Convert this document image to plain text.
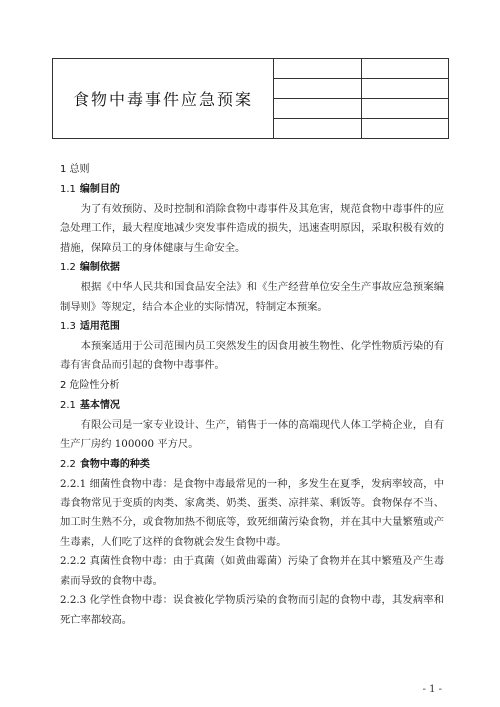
食物中毒事件应急预案		

1 总则

1.1 编制目的

为了有效预防、及时控制和消除食物中毒事件及其危害，规范食物中毒事件的应急处理工作，最大程度地减少突发事件造成的损失，迅速查明原因，采取积极有效的措施，保障员工的身体健康与生命安全。

1.2 编制依据

根据《中华人民共和国食品安全法》和《生产经营单位安全生产事故应急预案编制导则》等规定，结合本企业的实际情况，特制定本预案。

1.3 适用范围

本预案适用于公司范围内员工突然发生的因食用被生物性、化学性物质污染的有毒有害食品而引起的食物中毒事件。

2 危险性分析

2.1 基本情况

有限公司是一家专业设计、生产，销售于一体的高端现代人体工学椅企业，自有生产厂房约 100000 平方尺。

2.2 食物中毒的种类

2.2.1 细菌性食物中毒：是食物中毒最常见的一种，多发生在夏季，发病率较高，中毒食物常见于变质的肉类、家禽类、奶类、蛋类、凉拌菜、剩饭等。食物保存不当、加工时生熟不分，或食物加热不彻底等，致死细菌污染食物，并在其中大量繁殖或产生毒素，人们吃了这样的食物就会发生食物中毒。

2.2.2 真菌性食物中毒：由于真菌（如黄曲霉菌）污染了食物并在其中繁殖及产生毒素而导致的食物中毒。

2.2.3 化学性食物中毒：误食被化学物质污染的食物而引起的食物中毒，其发病率和死亡率都较高。

- 1 -
